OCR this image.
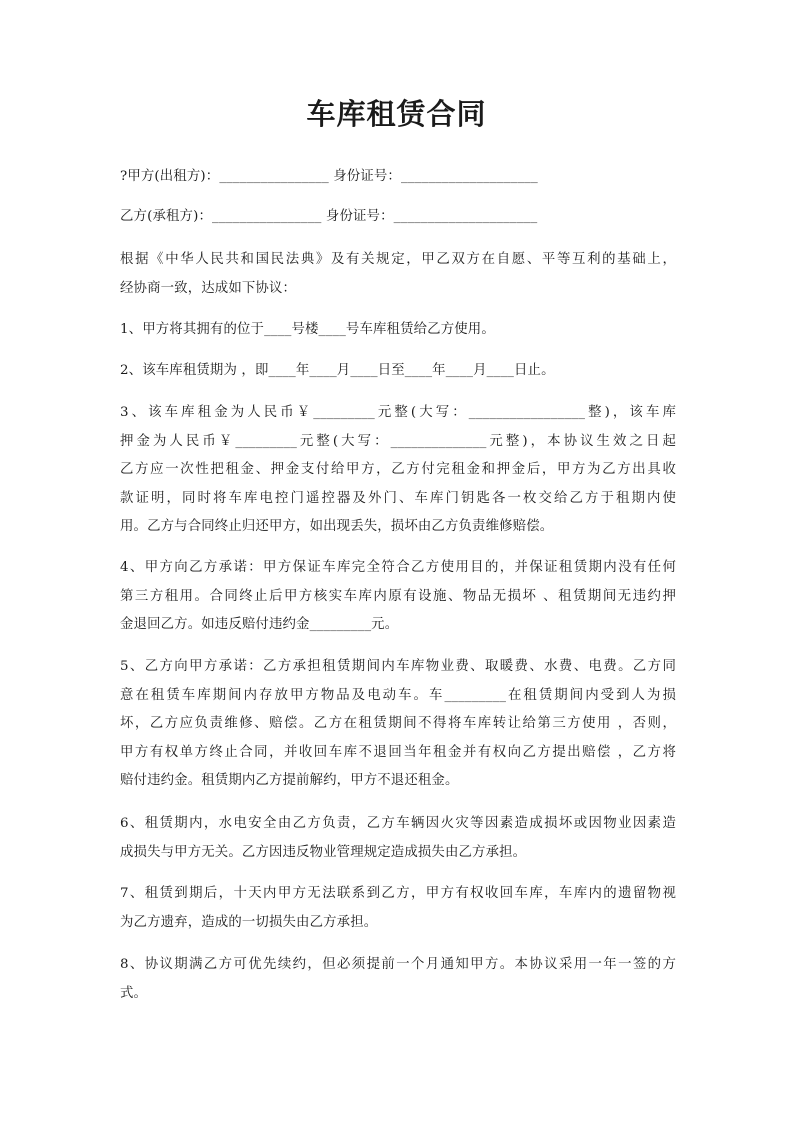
车库租赁合同
?甲方(出租方)：________________ 身份证号：____________________
乙方(承租方)：________________ 身份证号：_____________________
根据《中华人民共和国民法典》及有关规定，甲乙双方在自愿、平等互利的基础上，
经协商一致，达成如下协议：
1、甲方将其拥有的位于____号楼____号车库租赁给乙方使用。
2、该车库租赁期为 ，即____年____月____日至____年____月____日止。
3、该车库租金为人民币￥_________元整(大写：_________________整)，该车库
押金为人民币￥_________元整(大写：______________元整)，本协议生效之日起
乙方应一次性把租金、押金支付给甲方，乙方付完租金和押金后，甲方为乙方出具收
款证明，同时将车库电控门遥控器及外门、车库门钥匙各一枚交给乙方于租期内使
用。乙方与合同终止归还甲方，如出现丢失，损坏由乙方负责维修赔偿。
4、甲方向乙方承诺：甲方保证车库完全符合乙方使用目的，并保证租赁期内没有任何
第三方租用。合同终止后甲方核实车库内原有设施、物品无损坏 、租赁期间无违约押
金退回乙方。如违反赔付违约金_________元。
5、乙方向甲方承诺：乙方承担租赁期间内车库物业费、取暖费、水费、电费。乙方同
意在租赁车库期间内存放甲方物品及电动车。车_________在租赁期间内受到人为损
坏，乙方应负责维修、赔偿。乙方在租赁期间不得将车库转让给第三方使用 ，否则，
甲方有权单方终止合同，并收回车库不退回当年租金并有权向乙方提出赔偿 ，乙方将
赔付违约金。租赁期内乙方提前解约，甲方不退还租金。
6、租赁期内，水电安全由乙方负责，乙方车辆因火灾等因素造成损坏或因物业因素造
成损失与甲方无关。乙方因违反物业管理规定造成损失由乙方承担。
7、租赁到期后，十天内甲方无法联系到乙方，甲方有权收回车库，车库内的遗留物视
为乙方遗弃，造成的一切损失由乙方承担。
8、协议期满乙方可优先续约，但必须提前一个月通知甲方。本协议采用一年一签的方
式。
